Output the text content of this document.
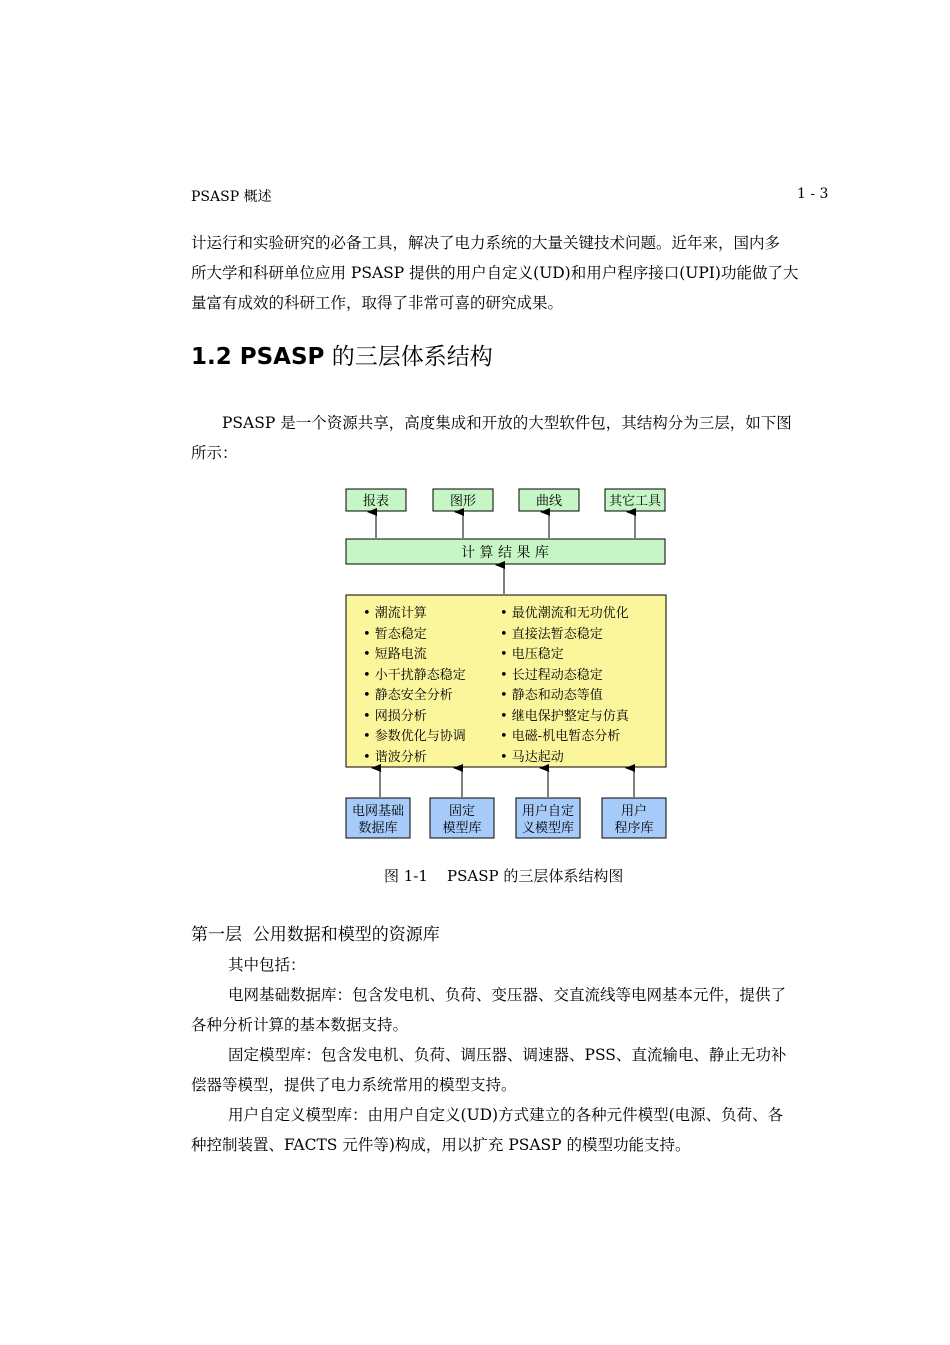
PSASP 概述	1 - 3
计运行和实验研究的必备工具，解决了电力系统的大量关键技术问题。近年来，国内多
所大学和科研单位应用 PSASP 提供的用户自定义(UD)和用户程序接口(UPI)功能做了大
量富有成效的科研工作，取得了非常可喜的研究成果。
1.2 PSASP 的三层体系结构
PSASP 是一个资源共享，高度集成和开放的大型软件包，其结构分为三层，如下图
所示：
报表	图形	曲线	其它工具
计 算 结 果 库
• 潮流计算
• 暂态稳定
• 短路电流
• 小干扰静态稳定
• 静态安全分析
• 网损分析
• 参数优化与协调
• 谐波分析
• 最优潮流和无功优化
• 直接法暂态稳定
• 电压稳定
• 长过程动态稳定
• 静态和动态等值
• 继电保护整定与仿真
• 电磁-机电暂态分析
• 马达起动
电网基础
数据库
固定
模型库
用户自定
义模型库
用户
程序库
图 1-1    PSASP 的三层体系结构图
第一层  公用数据和模型的资源库
其中包括：
电网基础数据库：包含发电机、负荷、变压器、交直流线等电网基本元件，提供了
各种分析计算的基本数据支持。
固定模型库：包含发电机、负荷、调压器、调速器、PSS、直流输电、静止无功补
偿器等模型，提供了电力系统常用的模型支持。
用户自定义模型库：由用户自定义(UD)方式建立的各种元件模型(电源、负荷、各
种控制装置、FACTS 元件等)构成，用以扩充 PSASP 的模型功能支持。
